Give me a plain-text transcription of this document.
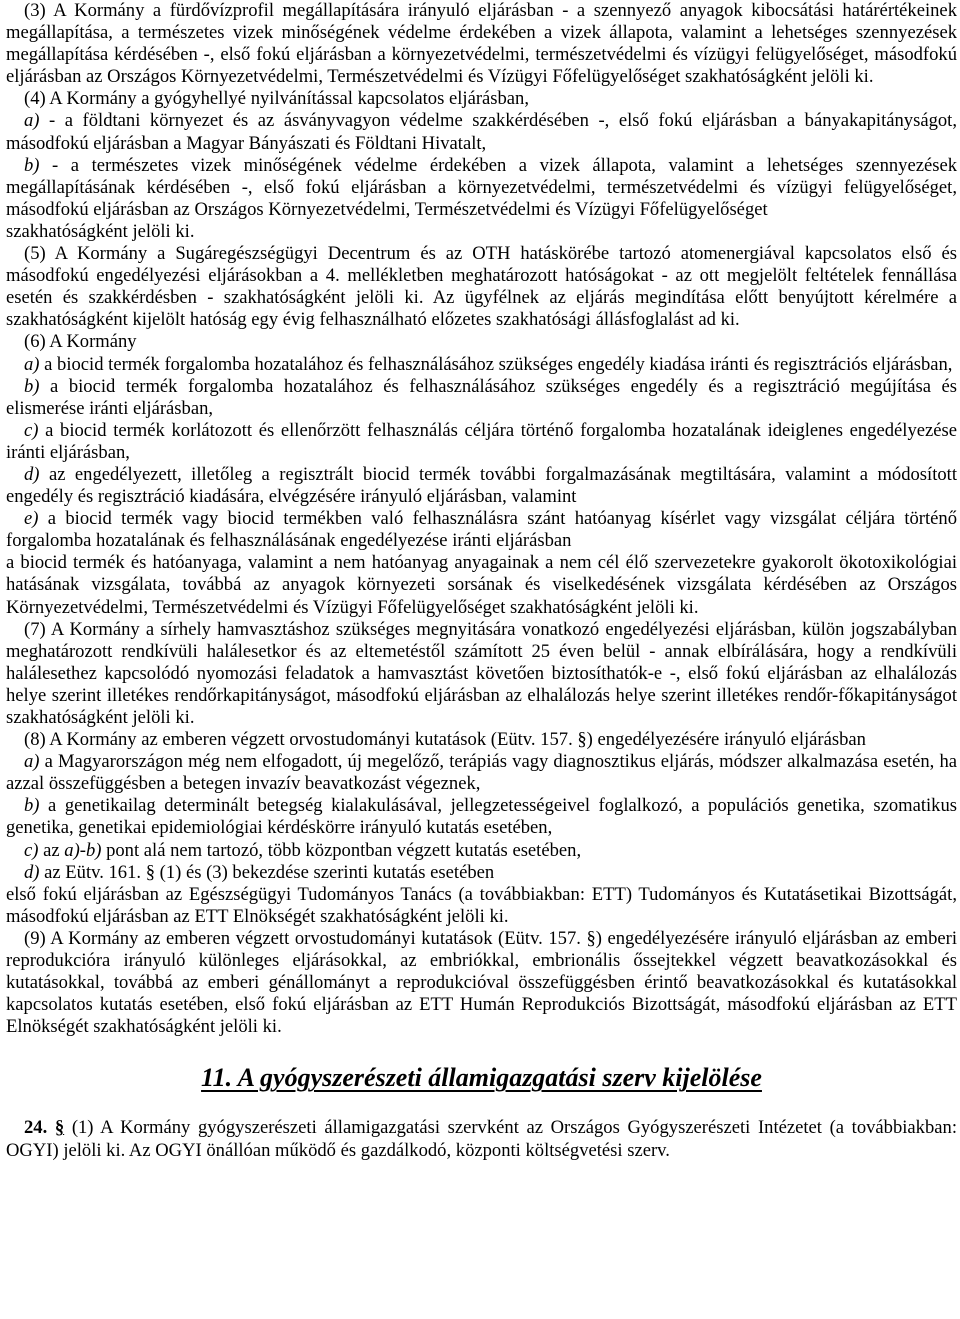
(3) A Kormány a fürdővízprofil megállapítására irányuló eljárásban - a szennyező anyagok kibocsátási határértékeinek megállapítása, a természetes vizek minőségének védelme érdekében a vizek állapota, valamint a lehetséges szennyezések megállapítása kérdésében -, első fokú eljárásban a környezetvédelmi, természetvédelmi és vízügyi felügyelőséget, másodfokú eljárásban az Országos Környezetvédelmi, Természetvédelmi és Vízügyi Főfelügyelőséget szakhatóságként jelöli ki.

(4) A Kormány a gyógyhellyé nyilvánítással kapcsolatos eljárásban,

a) - a földtani környezet és az ásványvagyon védelme szakkérdésében -, első fokú eljárásban a bányakapitányságot, másodfokú eljárásban a Magyar Bányászati és Földtani Hivatalt,

b) - a természetes vizek minőségének védelme érdekében a vizek állapota, valamint a lehetséges szennyezések megállapításának kérdésében -, első fokú eljárásban a környezetvédelmi, természetvédelmi és vízügyi felügyelőséget, másodfokú eljárásban az Országos Környezetvédelmi, Természetvédelmi és Vízügyi Főfelügyelőséget

szakhatóságként jelöli ki.

(5) A Kormány a Sugáregészségügyi Decentrum és az OTH hatáskörébe tartozó atomenergiával kapcsolatos első és másodfokú engedélyezési eljárásokban a 4. mellékletben meghatározott hatóságokat - az ott megjelölt feltételek fennállása esetén és szakkérdésben - szakhatóságként jelöli ki. Az ügyfélnek az eljárás megindítása előtt benyújtott kérelmére a szakhatóságként kijelölt hatóság egy évig felhasználható előzetes szakhatósági állásfoglalást ad ki.

(6) A Kormány

a) a biocid termék forgalomba hozatalához és felhasználásához szükséges engedély kiadása iránti és regisztrációs eljárásban,

b) a biocid termék forgalomba hozatalához és felhasználásához szükséges engedély és a regisztráció megújítása és elismerése iránti eljárásban,

c) a biocid termék korlátozott és ellenőrzött felhasználás céljára történő forgalomba hozatalának ideiglenes engedélyezése iránti eljárásban,

d) az engedélyezett, illetőleg a regisztrált biocid termék további forgalmazásának megtiltására, valamint a módosított engedély és regisztráció kiadására, elvégzésére irányuló eljárásban, valamint

e) a biocid termék vagy biocid termékben való felhasználásra szánt hatóanyag kísérlet vagy vizsgálat céljára történő forgalomba hozatalának és felhasználásának engedélyezése iránti eljárásban

a biocid termék és hatóanyaga, valamint a nem hatóanyag anyagainak a nem cél élő szervezetekre gyakorolt ökotoxikológiai hatásának vizsgálata, továbbá az anyagok környezeti sorsának és viselkedésének vizsgálata kérdésében az Országos Környezetvédelmi, Természetvédelmi és Vízügyi Főfelügyelőséget szakhatóságként jelöli ki.

(7) A Kormány a sírhely hamvasztáshoz szükséges megnyitására vonatkozó engedélyezési eljárásban, külön jogszabályban meghatározott rendkívüli halálesetkor és az eltemetéstől számított 25 éven belül - annak elbírálására, hogy a rendkívüli halálesethez kapcsolódó nyomozási feladatok a hamvasztást követően biztosíthatók-e -, első fokú eljárásban az elhalálozás helye szerint illetékes rendőrkapitányságot, másodfokú eljárásban az elhalálozás helye szerint illetékes rendőr-főkapitányságot szakhatóságként jelöli ki.

(8) A Kormány az emberen végzett orvostudományi kutatások (Eütv. 157. §) engedélyezésére irányuló eljárásban

a) a Magyarországon még nem elfogadott, új megelőző, terápiás vagy diagnosztikus eljárás, módszer alkalmazása esetén, ha azzal összefüggésben a betegen invazív beavatkozást végeznek,

b) a genetikailag determinált betegség kialakulásával, jellegzetességeivel foglalkozó, a populációs genetika, szomatikus genetika, genetikai epidemiológiai kérdéskörre irányuló kutatás esetében,

c) az a)-b) pont alá nem tartozó, több központban végzett kutatás esetében,

d) az Eütv. 161. § (1) és (3) bekezdése szerinti kutatás esetében

első fokú eljárásban az Egészségügyi Tudományos Tanács (a továbbiakban: ETT) Tudományos és Kutatásetikai Bizottságát, másodfokú eljárásban az ETT Elnökségét szakhatóságként jelöli ki.

(9) A Kormány az emberen végzett orvostudományi kutatások (Eütv. 157. §) engedélyezésére irányuló eljárásban az emberi reprodukcióra irányuló különleges eljárásokkal, az embriókkal, embrionális őssejtekkel végzett beavatkozásokkal és kutatásokkal, továbbá az emberi génállományt a reprodukcióval összefüggésben érintő beavatkozásokkal és kutatásokkal kapcsolatos kutatás esetében, első fokú eljárásban az ETT Humán Reprodukciós Bizottságát, másodfokú eljárásban az ETT Elnökségét szakhatóságként jelöli ki.

11. A gyógyszerészeti államigazgatási szerv kijelölése

24. § (1) A Kormány gyógyszerészeti államigazgatási szervként az Országos Gyógyszerészeti Intézetet (a továbbiakban: OGYI) jelöli ki. Az OGYI önállóan működő és gazdálkodó, központi költségvetési szerv.
